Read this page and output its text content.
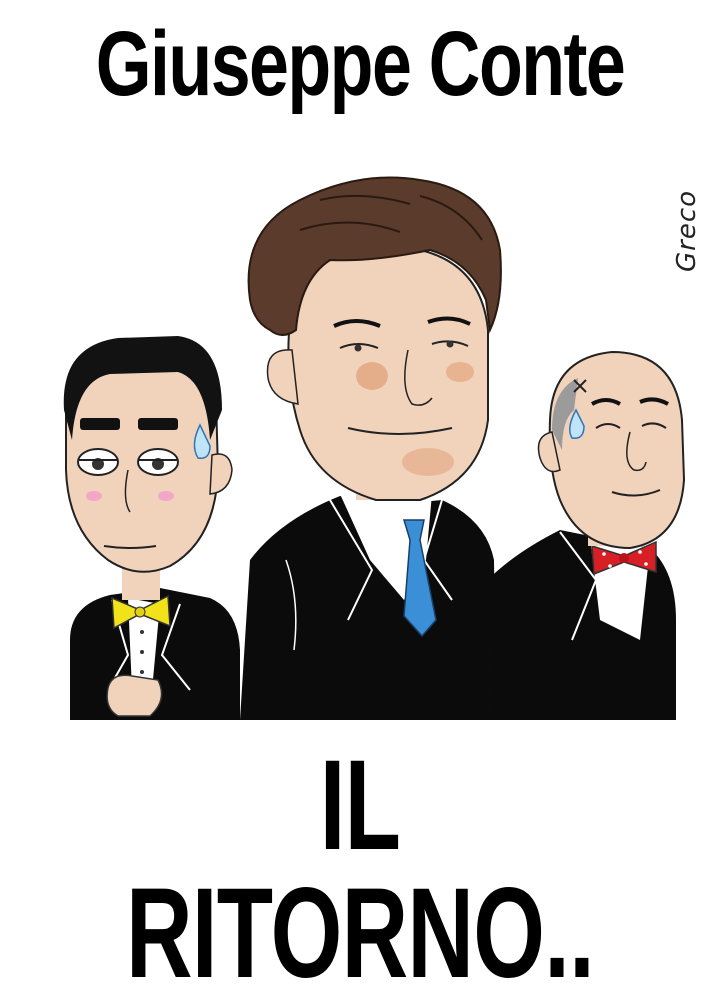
Giuseppe Conte
Greco
IL RITORNO..
